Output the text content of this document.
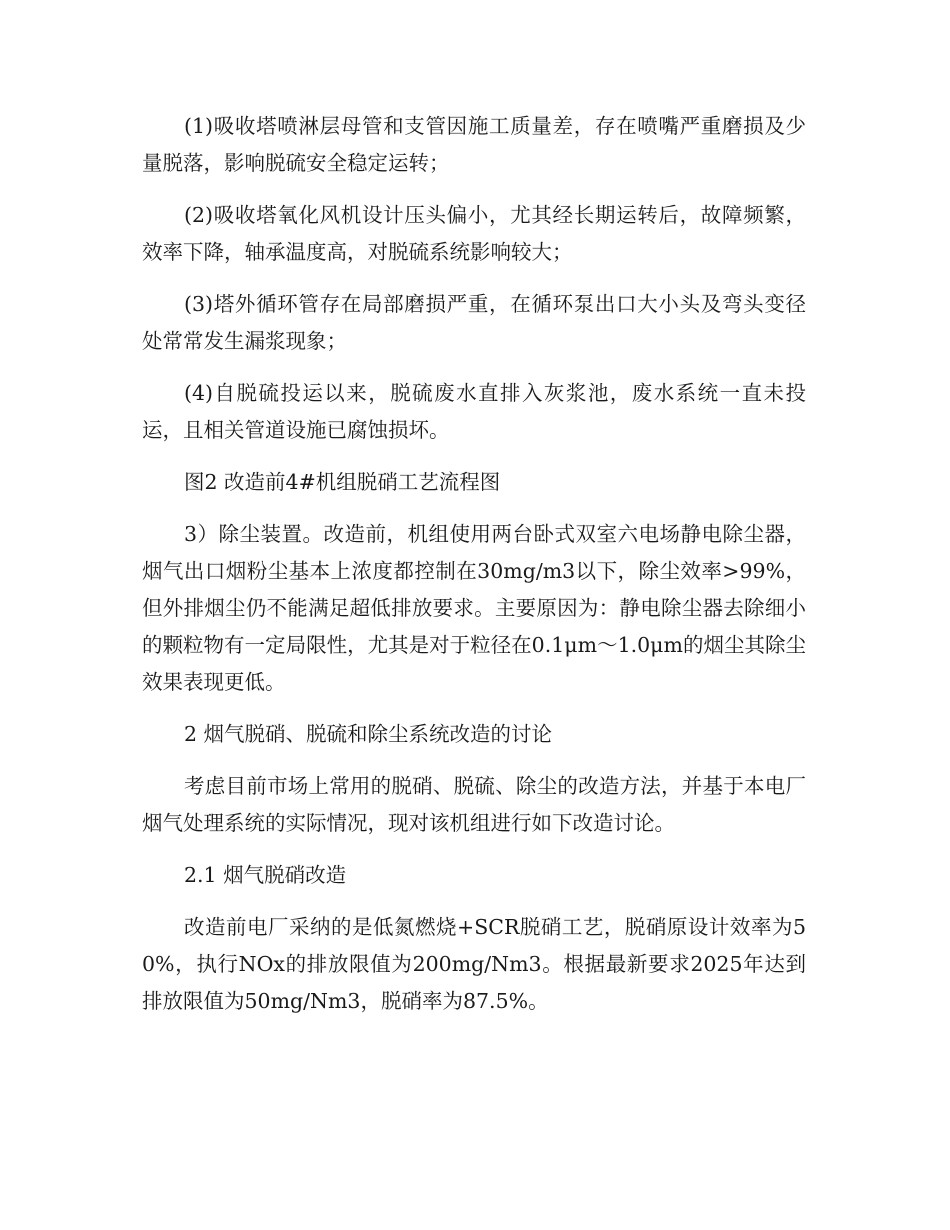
(1)吸收塔喷淋层母管和支管因施工质量差，存在喷嘴严重磨损及少量脱落，影响脱硫安全稳定运转；

(2)吸收塔氧化风机设计压头偏小，尤其经长期运转后，故障频繁，效率下降，轴承温度高，对脱硫系统影响较大；

(3)塔外循环管存在局部磨损严重，在循环泵出口大小头及弯头变径处常常发生漏浆现象；

(4)自脱硫投运以来，脱硫废水直排入灰浆池，废水系统一直未投运，且相关管道设施已腐蚀损坏。

图2 改造前4#机组脱硝工艺流程图

3）除尘装置。改造前，机组使用两台卧式双室六电场静电除尘器，烟气出口烟粉尘基本上浓度都控制在30mg/m3以下，除尘效率>99%，但外排烟尘仍不能满足超低排放要求。主要原因为：静电除尘器去除细小的颗粒物有一定局限性，尤其是对于粒径在0.1μm～1.0μm的烟尘其除尘效果表现更低。

2 烟气脱硝、脱硫和除尘系统改造的讨论

考虑目前市场上常用的脱硝、脱硫、除尘的改造方法，并基于本电厂烟气处理系统的实际情况，现对该机组进行如下改造讨论。

2.1 烟气脱硝改造

改造前电厂采纳的是低氮燃烧+SCR脱硝工艺，脱硝原设计效率为50%，执行NOx的排放限值为200mg/Nm3。根据最新要求2025年达到排放限值为50mg/Nm3，脱硝率为87.5%。
